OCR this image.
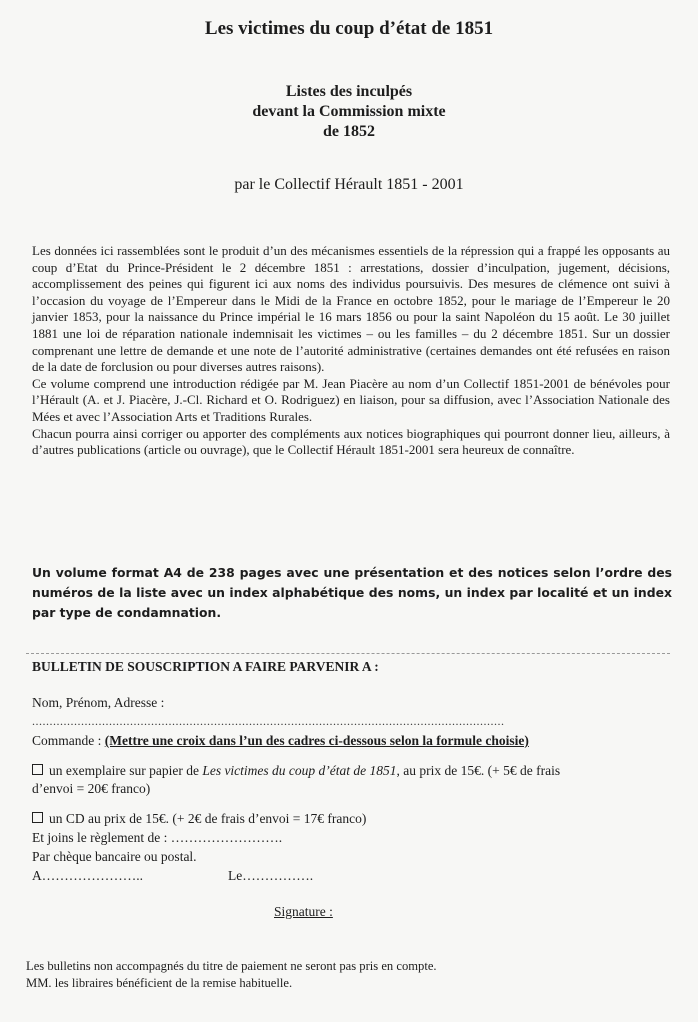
Les victimes du coup d’état de 1851
Listes des inculpés
devant la Commission mixte
de 1852

par le Collectif Hérault 1851 - 2001

Les données ici rassemblées sont le produit d’un des mécanismes essentiels de la répression qui a frappé les opposants au coup d’Etat du Prince-Président le 2 décembre 1851 : arrestations, dossier d’inculpation, jugement, décisions, accomplissement des peines qui figurent ici aux noms des individus poursuivis. Des mesures de clémence ont suivi à l’occasion du voyage de l’Empereur dans le Midi de la France en octobre 1852, pour le mariage de l’Empereur le 20 janvier 1853, pour la naissance du Prince impérial le 16 mars 1856 ou pour la saint Napoléon du 15 août. Le 30 juillet 1881 une loi de réparation nationale indemnisait les victimes – ou les familles – du 2 décembre 1851. Sur un dossier comprenant une lettre de demande et une note de l’autorité administrative (certaines demandes ont été refusées en raison de la date de forclusion ou pour diverses autres raisons).

Ce volume comprend une introduction rédigée par M. Jean Piacère au nom d’un Collectif 1851-2001 de bénévoles pour l’Hérault (A. et J. Piacère, J.-Cl. Richard et O. Rodriguez) en liaison, pour sa diffusion, avec l’Association Nationale des Mées et avec l’Association Arts et Traditions Rurales.

Chacun pourra ainsi corriger ou apporter des compléments aux notices biographiques qui pourront donner lieu, ailleurs, à d’autres publications (article ou ouvrage), que le Collectif Hérault 1851-2001 sera heureux de connaître.

Un volume format A4 de 238 pages avec une présentation et des notices selon l’ordre des numéros de la liste avec un index alphabétique des noms, un index par localité et un index par type de condamnation.

BULLETIN DE SOUSCRIPTION A FAIRE PARVENIR A :

Nom, Prénom, Adresse :

.......................................................................................................................................

Commande : (Mettre une croix dans l’un des cadres ci-dessous selon la formule choisie)

un exemplaire sur papier de Les victimes du coup d’état de 1851, au prix de 15€. (+ 5€ de frais

d’envoi = 20€ franco)

un CD au prix de 15€. (+ 2€ de frais d’envoi = 17€ franco)

Et joins le règlement de : …………………….

Par chèque bancaire ou postal.

A…………………..	Le…………….

Signature :

Les bulletins non accompagnés du titre de paiement ne seront pas pris en compte.
MM. les libraires bénéficient de la remise habituelle.
